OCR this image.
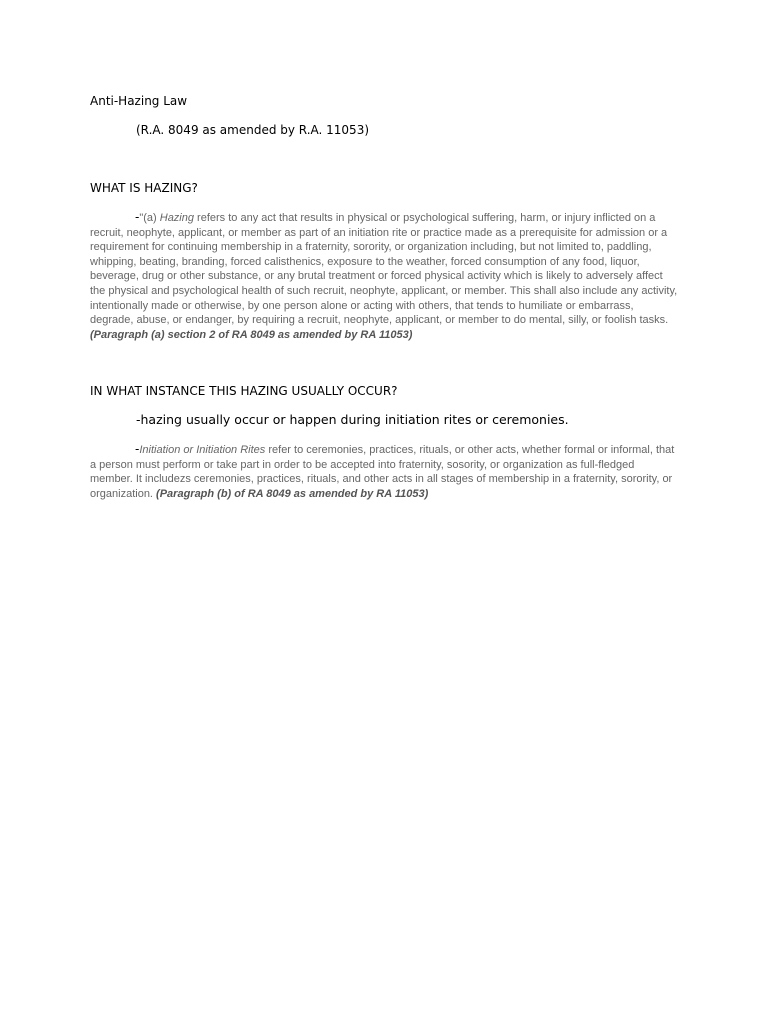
Anti-Hazing Law
(R.A. 8049 as amended by R.A. 11053)
WHAT IS HAZING?
-"(a) Hazing refers to any act that results in physical or psychological suffering, harm, or injury inflicted on a recruit, neophyte, applicant, or member as part of an initiation rite or practice made as a prerequisite for admission or a requirement for continuing membership in a fraternity, sorority, or organization including, but not limited to, paddling, whipping, beating, branding, forced calisthenics, exposure to the weather, forced consumption of any food, liquor, beverage, drug or other substance, or any brutal treatment or forced physical activity which is likely to adversely affect the physical and psychological health of such recruit, neophyte, applicant, or member. This shall also include any activity, intentionally made or otherwise, by one person alone or acting with others, that tends to humiliate or embarrass, degrade, abuse, or endanger, by requiring a recruit, neophyte, applicant, or member to do mental, silly, or foolish tasks. (Paragraph (a) section 2 of RA 8049 as amended by RA 11053)
IN WHAT INSTANCE THIS HAZING USUALLY OCCUR?
-hazing usually occur or happen during initiation rites or ceremonies.
-Initiation or Initiation Rites refer to ceremonies, practices, rituals, or other acts, whether formal or informal, that a person must perform or take part in order to be accepted into fraternity, sosority, or organization as full-fledged member. It includezs ceremonies, practices, rituals, and other acts in all stages of membership in a fraternity, sorority, or organization. (Paragraph (b) of RA 8049 as amended by RA 11053)
